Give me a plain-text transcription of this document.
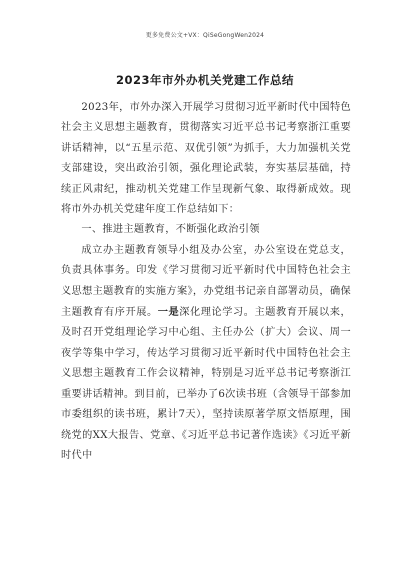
更多免费公文+VX：QiSeGongWen2024
2023年市外办机关党建工作总结

2023年，市外办深入开展学习贯彻习近平新时代中国特色社会主义思想主题教育，贯彻落实习近平总书记考察浙江重要讲话精神，以“五星示范、双优引领”为抓手，大力加强机关党支部建设，突出政治引领，强化理论武装，夯实基层基础，持续正风肃纪，推动机关党建工作呈现新气象、取得新成效。现将市外办机关党建年度工作总结如下：

一、推进主题教育，不断强化政治引领

成立办主题教育领导小组及办公室，办公室设在党总支，负责具体事务。印发《学习贯彻习近平新时代中国特色社会主义思想主题教育的实施方案》，办党组书记亲自部署动员，确保主题教育有序开展。一是深化理论学习。主题教育开展以来，及时召开党组理论学习中心组、主任办公（扩大）会议、周一夜学等集中学习，传达学习贯彻习近平新时代中国特色社会主义思想主题教育工作会议精神，特别是习近平总书记考察浙江重要讲话精神。到目前，已举办了6次读书班（含领导干部参加市委组织的读书班，累计7天），坚持读原著学原文悟原理，围绕党的XX大报告、党章、《习近平总书记著作选读》《习近平新时代中
